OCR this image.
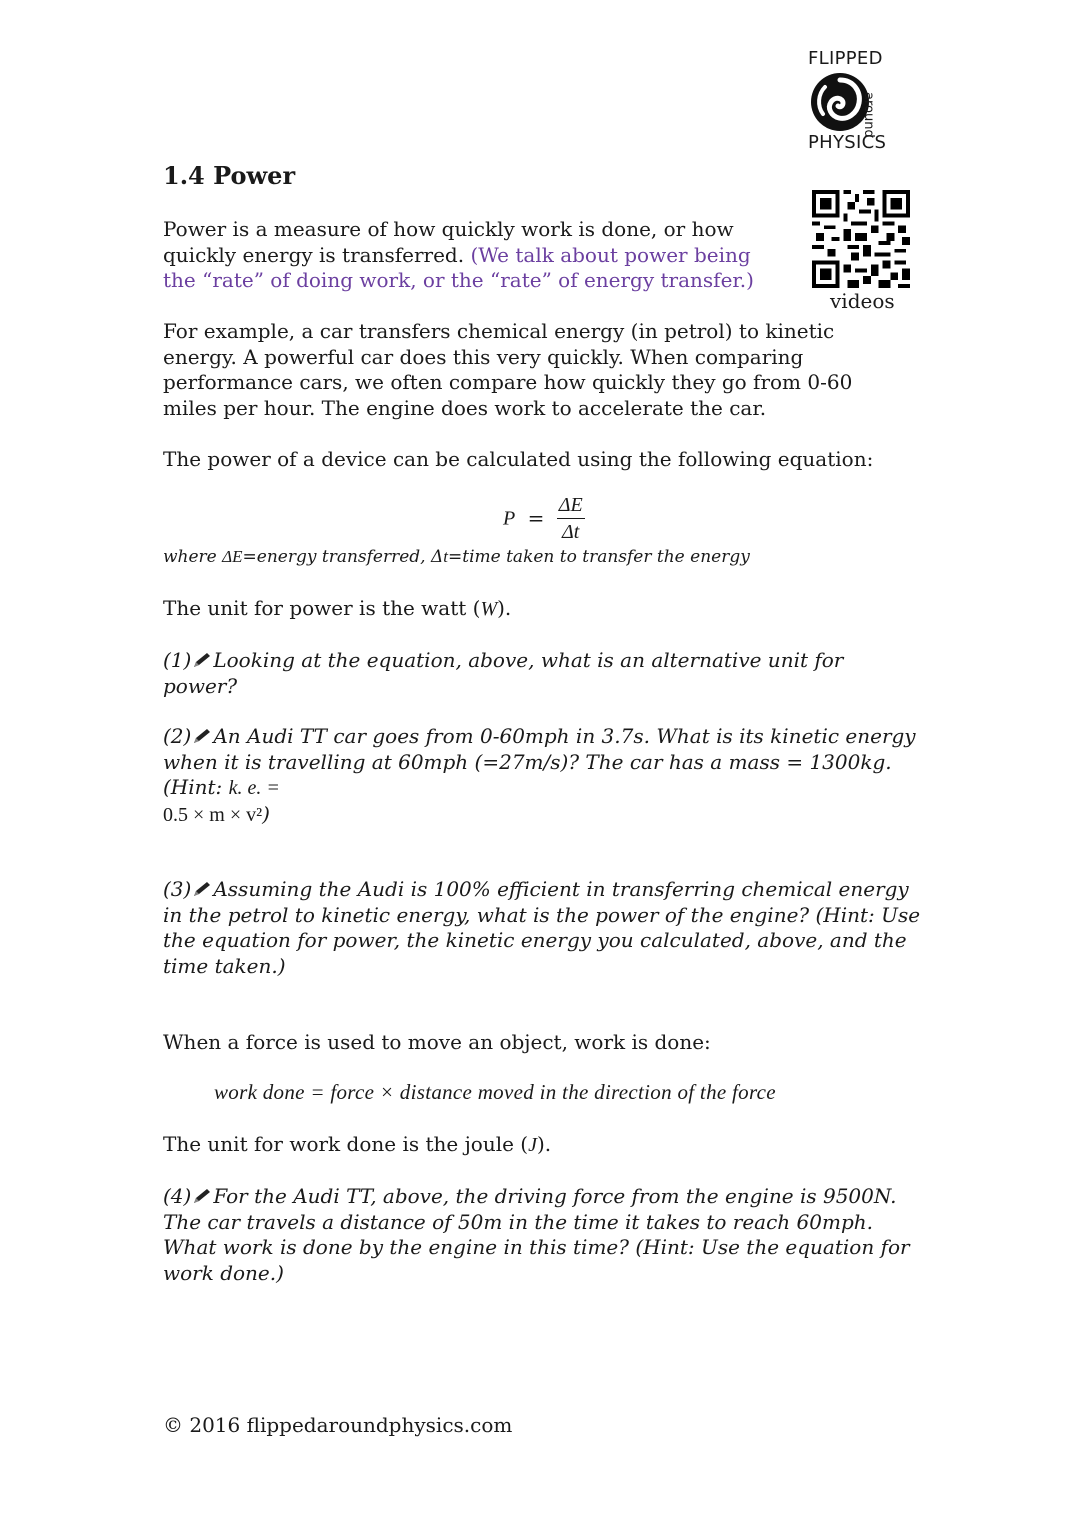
FLIPPED
around
PHYSICS
videos
1.4 Power
Power is a measure of how quickly work is done, or how quickly energy is transferred. (We talk about power being the “rate” of doing work, or the “rate” of energy transfer.)
For example, a car transfers chemical energy (in petrol) to kinetic energy. A powerful car does this very quickly. When comparing performance cars, we often compare how quickly they go from 0-60 miles per hour. The engine does work to accelerate the car.
The power of a device can be calculated using the following equation:
$P = \frac{\Delta E}{\Delta t}$
where ΔE=energy transferred, Δt=time taken to transfer the energy
The unit for power is the watt (W).
(1) Looking at the equation, above, what is an alternative unit for power?
(2) An Audi TT car goes from 0-60mph in 3.7s. What is its kinetic energy when it is travelling at 60mph (=27m/s)? The car has a mass = 1300kg. (Hint: k. e. =
0.5 × m × v²)
(3) Assuming the Audi is 100% efficient in transferring chemical energy in the petrol to kinetic energy, what is the power of the engine? (Hint: Use the equation for power, the kinetic energy you calculated, above, and the time taken.)
When a force is used to move an object, work is done:
work done = force × distance moved in the direction of the force
The unit for work done is the joule (J).
(4) For the Audi TT, above, the driving force from the engine is 9500N. The car travels a distance of 50m in the time it takes to reach 60mph. What work is done by the engine in this time? (Hint: Use the equation for work done.)
© 2016 flippedaroundphysics.com
